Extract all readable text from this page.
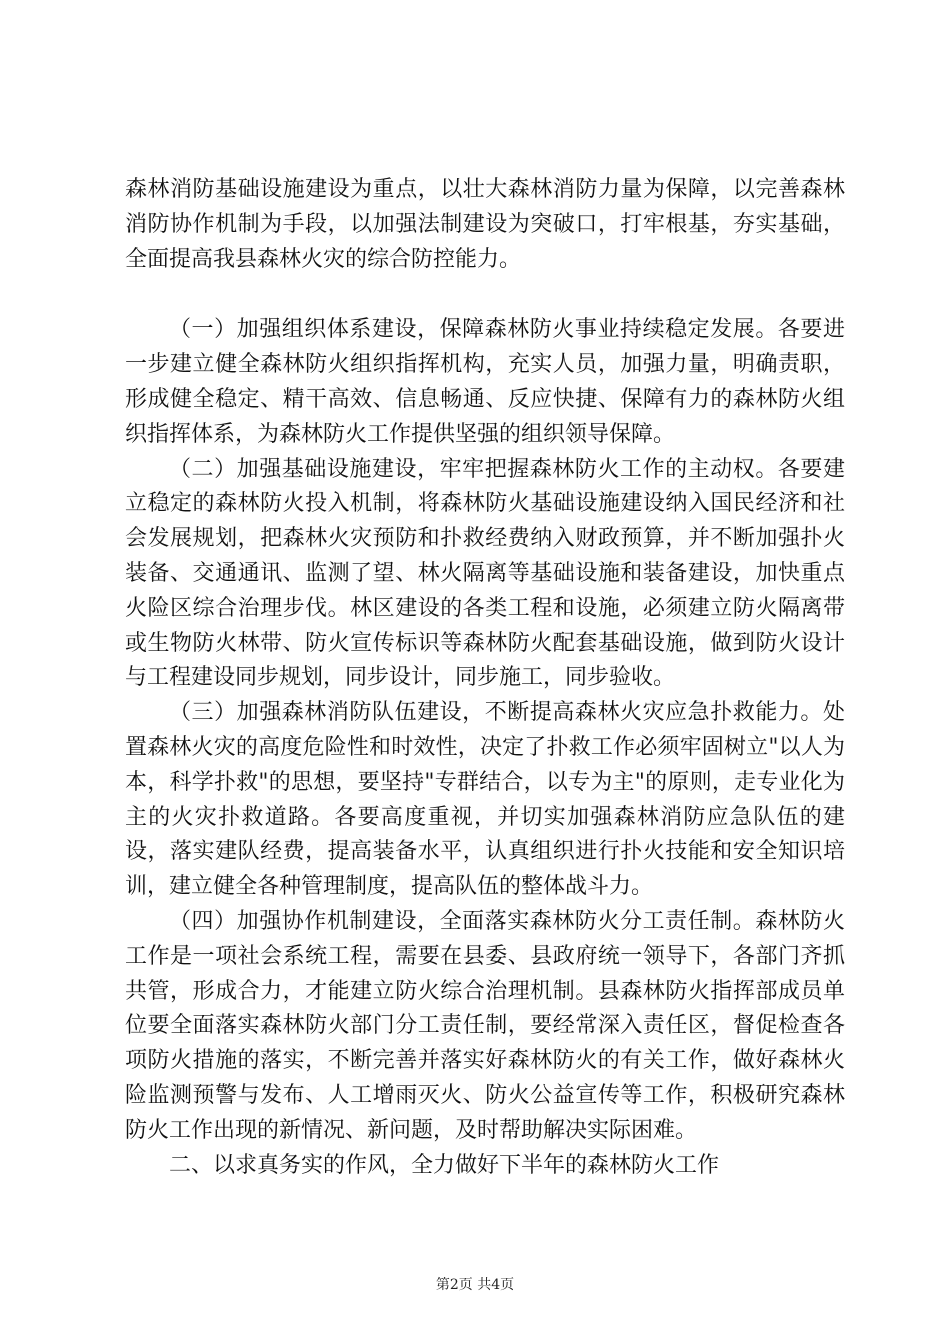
森林消防基础设施建设为重点，以壮大森林消防力量为保障，以完善森林消防协作机制为手段，以加强法制建设为突破口，打牢根基，夯实基础，全面提高我县森林火灾的综合防控能力。

（一）加强组织体系建设，保障森林防火事业持续稳定发展。各要进一步建立健全森林防火组织指挥机构，充实人员，加强力量，明确责职，形成健全稳定、精干高效、信息畅通、反应快捷、保障有力的森林防火组织指挥体系，为森林防火工作提供坚强的组织领导保障。

（二）加强基础设施建设，牢牢把握森林防火工作的主动权。各要建立稳定的森林防火投入机制，将森林防火基础设施建设纳入国民经济和社会发展规划，把森林火灾预防和扑救经费纳入财政预算，并不断加强扑火装备、交通通讯、监测了望、林火隔离等基础设施和装备建设，加快重点火险区综合治理步伐。林区建设的各类工程和设施，必须建立防火隔离带或生物防火林带、防火宣传标识等森林防火配套基础设施，做到防火设计与工程建设同步规划，同步设计，同步施工，同步验收。

（三）加强森林消防队伍建设，不断提高森林火灾应急扑救能力。处置森林火灾的高度危险性和时效性，决定了扑救工作必须牢固树立"以人为本，科学扑救"的思想，要坚持"专群结合，以专为主"的原则，走专业化为主的火灾扑救道路。各要高度重视，并切实加强森林消防应急队伍的建设，落实建队经费，提高装备水平，认真组织进行扑火技能和安全知识培训，建立健全各种管理制度，提高队伍的整体战斗力。

（四）加强协作机制建设，全面落实森林防火分工责任制。森林防火工作是一项社会系统工程，需要在县委、县政府统一领导下，各部门齐抓共管，形成合力，才能建立防火综合治理机制。县森林防火指挥部成员单位要全面落实森林防火部门分工责任制，要经常深入责任区，督促检查各项防火措施的落实，不断完善并落实好森林防火的有关工作，做好森林火险监测预警与发布、人工增雨灭火、防火公益宣传等工作，积极研究森林防火工作出现的新情况、新问题，及时帮助解决实际困难。

二、以求真务实的作风，全力做好下半年的森林防火工作

第2页 共4页
